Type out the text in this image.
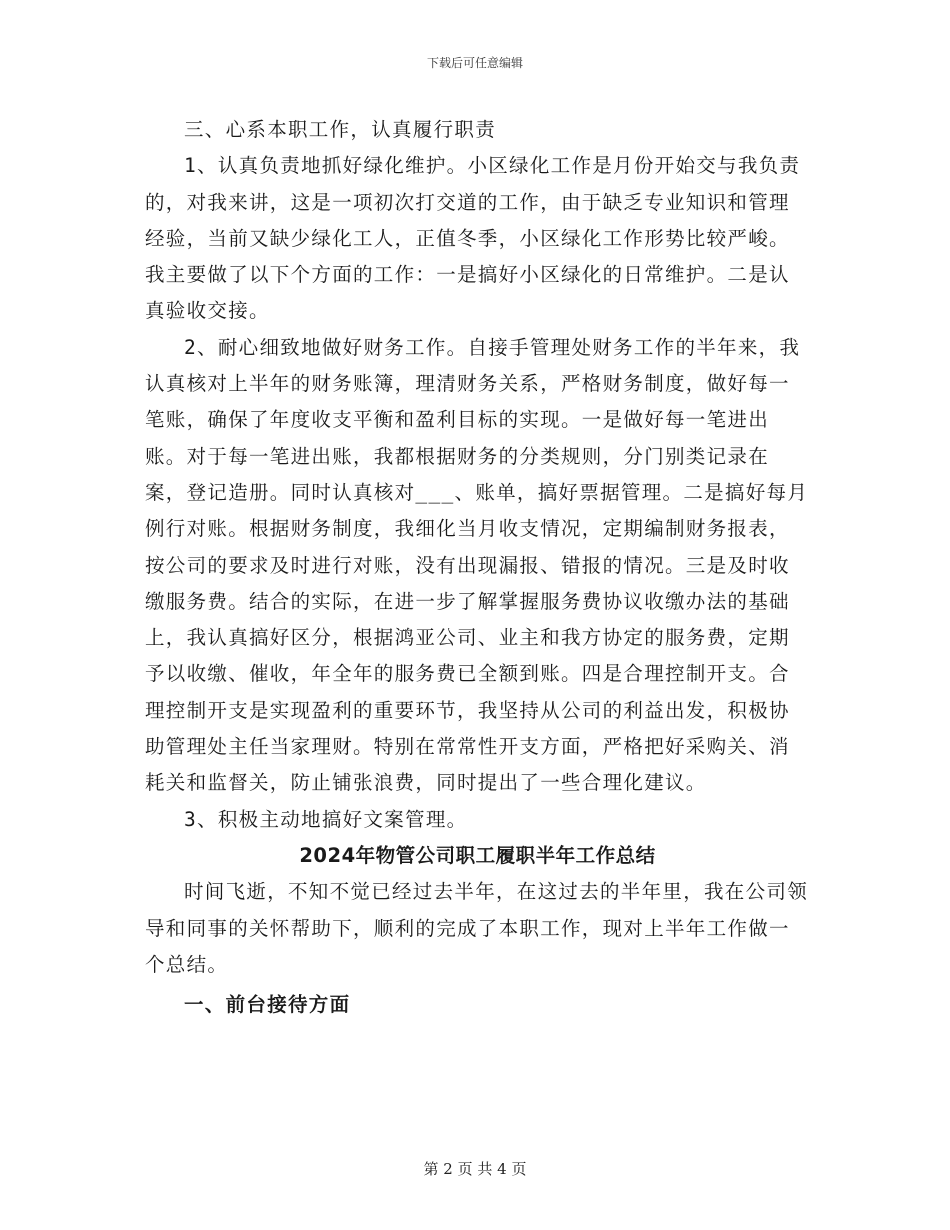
下载后可任意编辑

三、心系本职工作，认真履行职责

1、认真负责地抓好绿化维护。小区绿化工作是月份开始交与我负责的，对我来讲，这是一项初次打交道的工作，由于缺乏专业知识和管理经验，当前又缺少绿化工人，正值冬季，小区绿化工作形势比较严峻。我主要做了以下个方面的工作：一是搞好小区绿化的日常维护。二是认真验收交接。

2、耐心细致地做好财务工作。自接手管理处财务工作的半年来，我认真核对上半年的财务账簿，理清财务关系，严格财务制度，做好每一笔账，确保了年度收支平衡和盈利目标的实现。一是做好每一笔进出账。对于每一笔进出账，我都根据财务的分类规则，分门别类记录在案，登记造册。同时认真核对___、账单，搞好票据管理。二是搞好每月例行对账。根据财务制度，我细化当月收支情况，定期编制财务报表，按公司的要求及时进行对账，没有出现漏报、错报的情况。三是及时收缴服务费。结合的实际，在进一步了解掌握服务费协议收缴办法的基础上，我认真搞好区分，根据鸿亚公司、业主和我方协定的服务费，定期予以收缴、催收，年全年的服务费已全额到账。四是合理控制开支。合理控制开支是实现盈利的重要环节，我坚持从公司的利益出发，积极协助管理处主任当家理财。特别在常常性开支方面，严格把好采购关、消耗关和监督关，防止铺张浪费，同时提出了一些合理化建议。

3、积极主动地搞好文案管理。

2024年物管公司职工履职半年工作总结

时间飞逝，不知不觉已经过去半年，在这过去的半年里，我在公司领导和同事的关怀帮助下，顺利的完成了本职工作，现对上半年工作做一个总结。

一、前台接待方面

第 2 页 共 4 页
